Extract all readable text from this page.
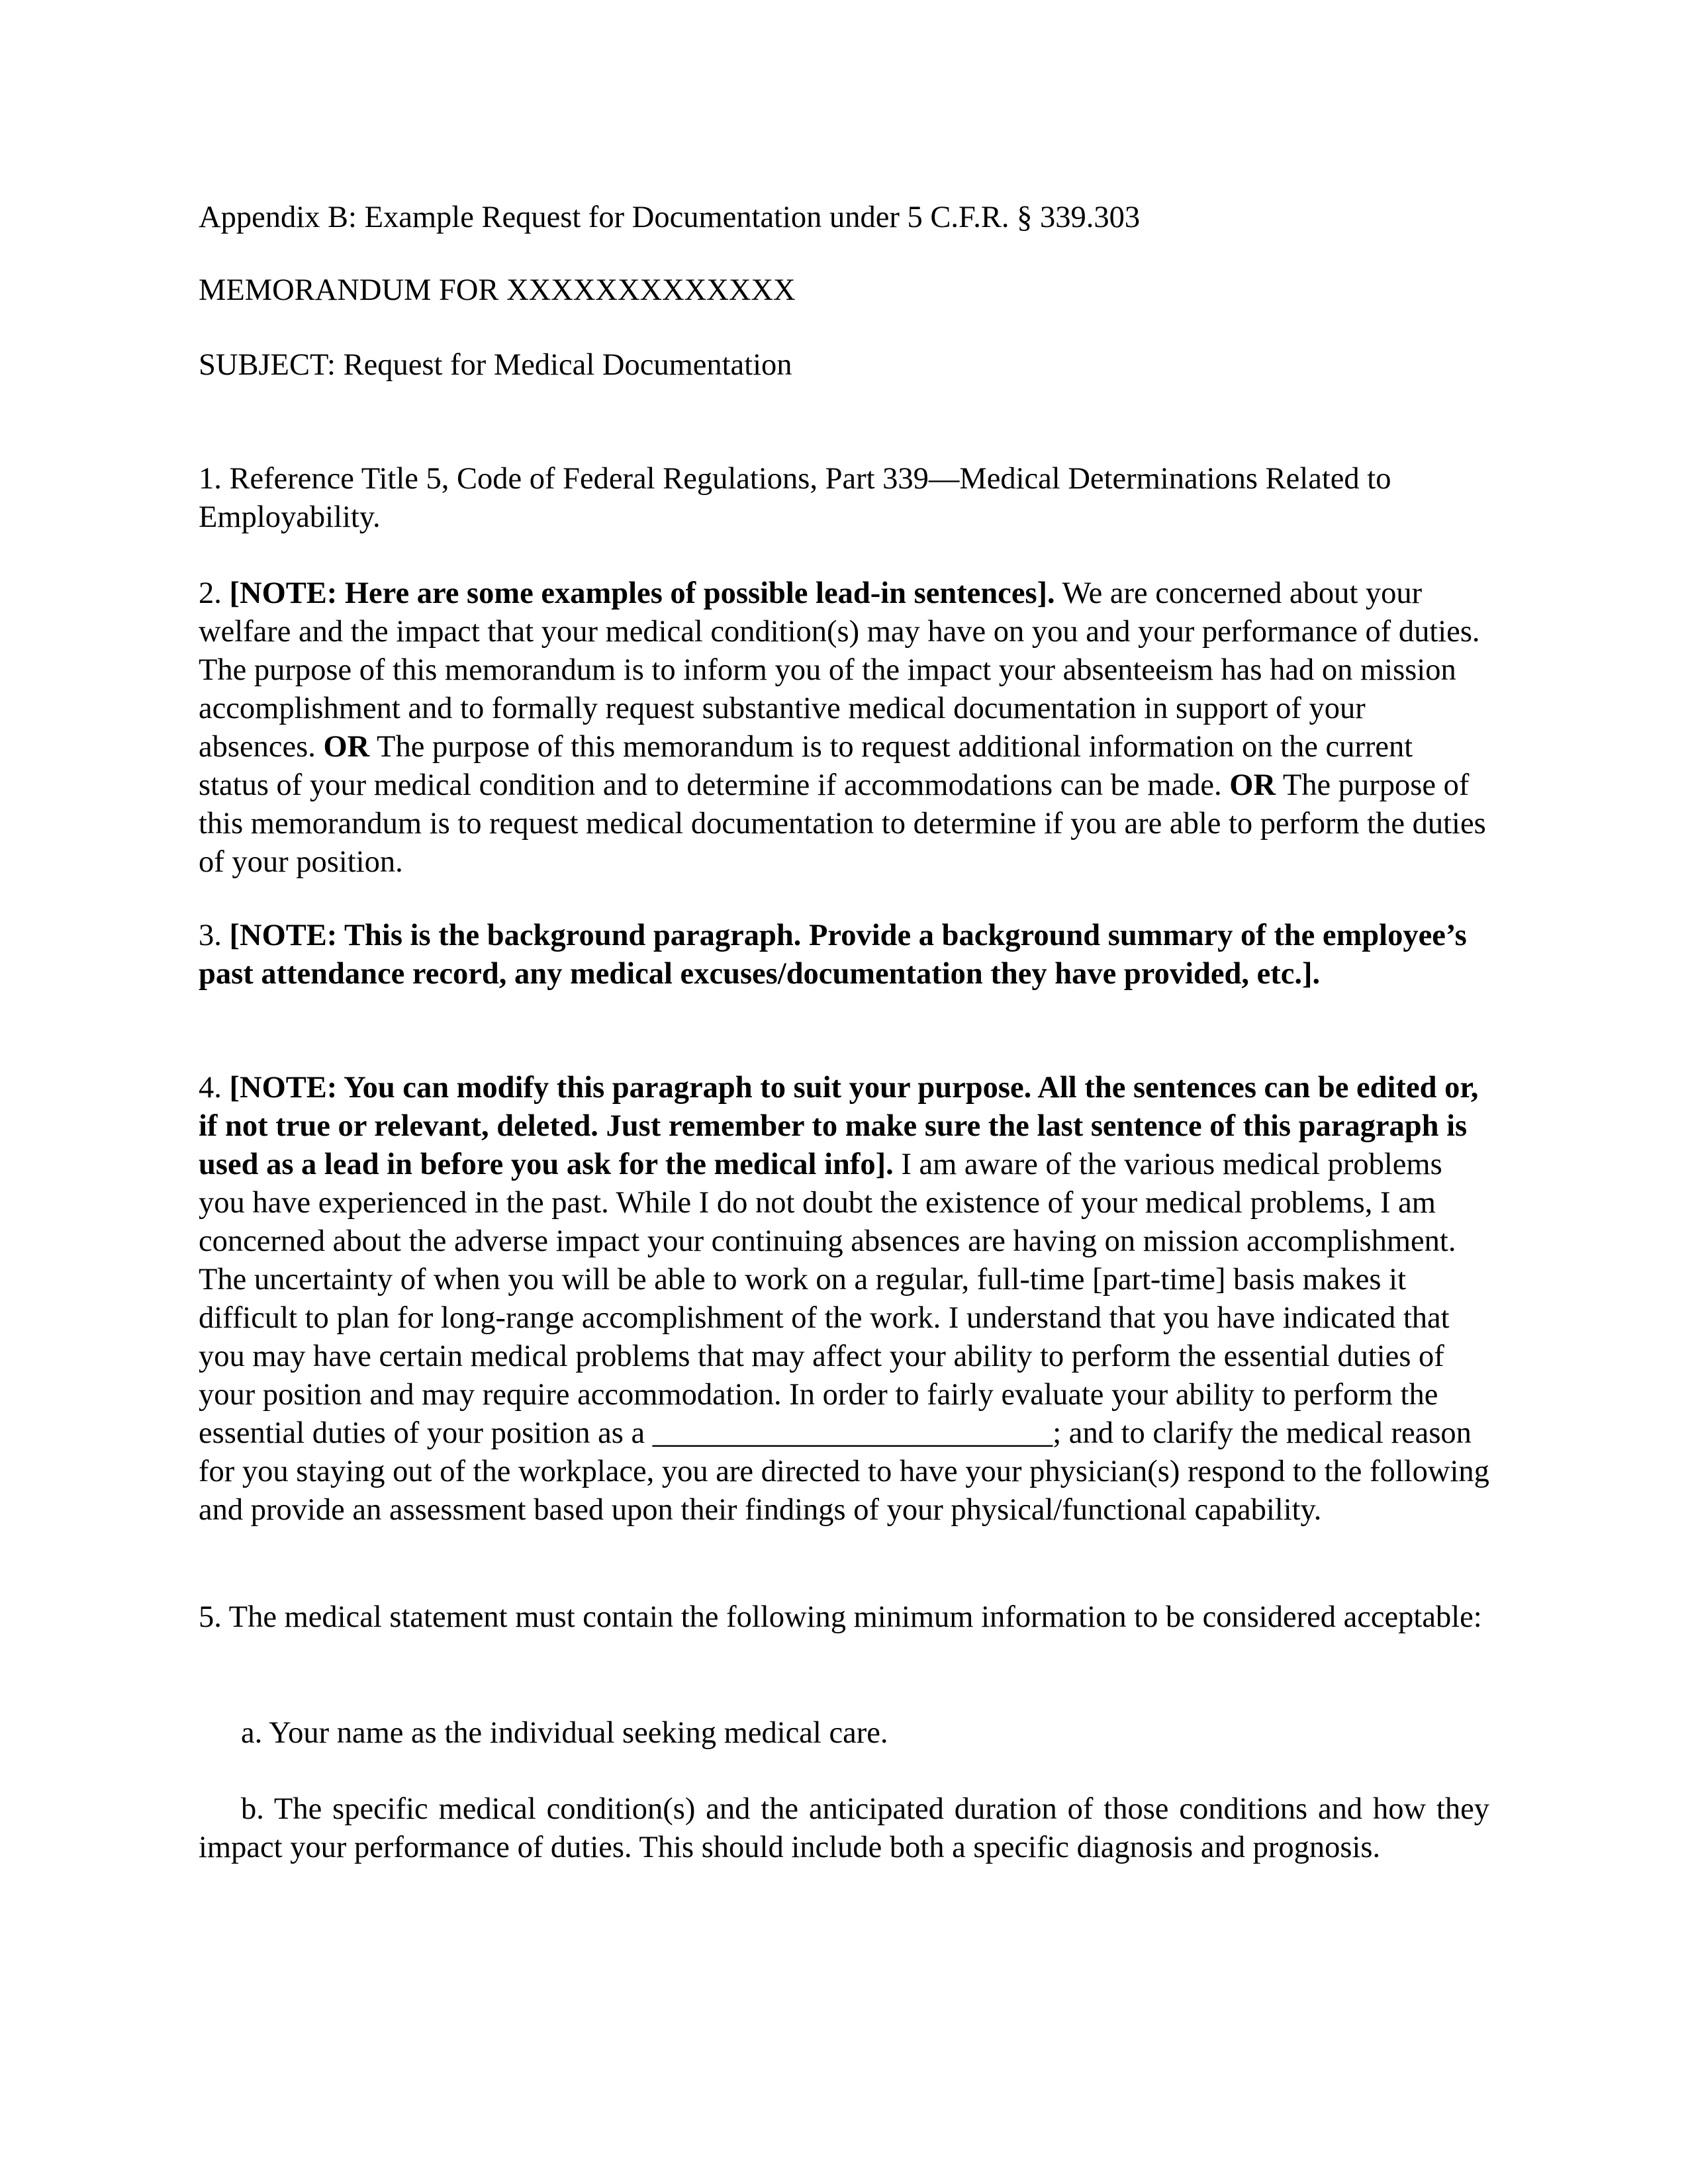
Appendix B: Example Request for Documentation under 5 C.F.R. § 339.303

MEMORANDUM FOR XXXXXXXXXXXXX

SUBJECT: Request for Medical Documentation

1. Reference Title 5, Code of Federal Regulations, Part 339—Medical Determinations Related to Employability.

2. [NOTE: Here are some examples of possible lead-in sentences]. We are concerned about your welfare and the impact that your medical condition(s) may have on you and your performance of duties. The purpose of this memorandum is to inform you of the impact your absenteeism has had on mission accomplishment and to formally request substantive medical documentation in support of your absences. OR The purpose of this memorandum is to request additional information on the current status of your medical condition and to determine if accommodations can be made. OR The purpose of this memorandum is to request medical documentation to determine if you are able to perform the duties of your position.

3. [NOTE: This is the background paragraph. Provide a background summary of the employee’s past attendance record, any medical excuses/documentation they have provided, etc.].

4. [NOTE: You can modify this paragraph to suit your purpose. All the sentences can be edited or, if not true or relevant, deleted. Just remember to make sure the last sentence of this paragraph is used as a lead in before you ask for the medical info]. I am aware of the various medical problems you have experienced in the past. While I do not doubt the existence of your medical problems, I am concerned about the adverse impact your continuing absences are having on mission accomplishment. The uncertainty of when you will be able to work on a regular, full-time [part-time] basis makes it difficult to plan for long-range accomplishment of the work. I understand that you have indicated that you may have certain medical problems that may affect your ability to perform the essential duties of your position and may require accommodation. In order to fairly evaluate your ability to perform the essential duties of your position as a __________________________; and to clarify the medical reason for you staying out of the workplace, you are directed to have your physician(s) respond to the following and provide an assessment based upon their findings of your physical/functional capability.

5. The medical statement must contain the following minimum information to be considered acceptable:

a. Your name as the individual seeking medical care.

b. The specific medical condition(s) and the anticipated duration of those conditions and how they impact your performance of duties. This should include both a specific diagnosis and prognosis.
